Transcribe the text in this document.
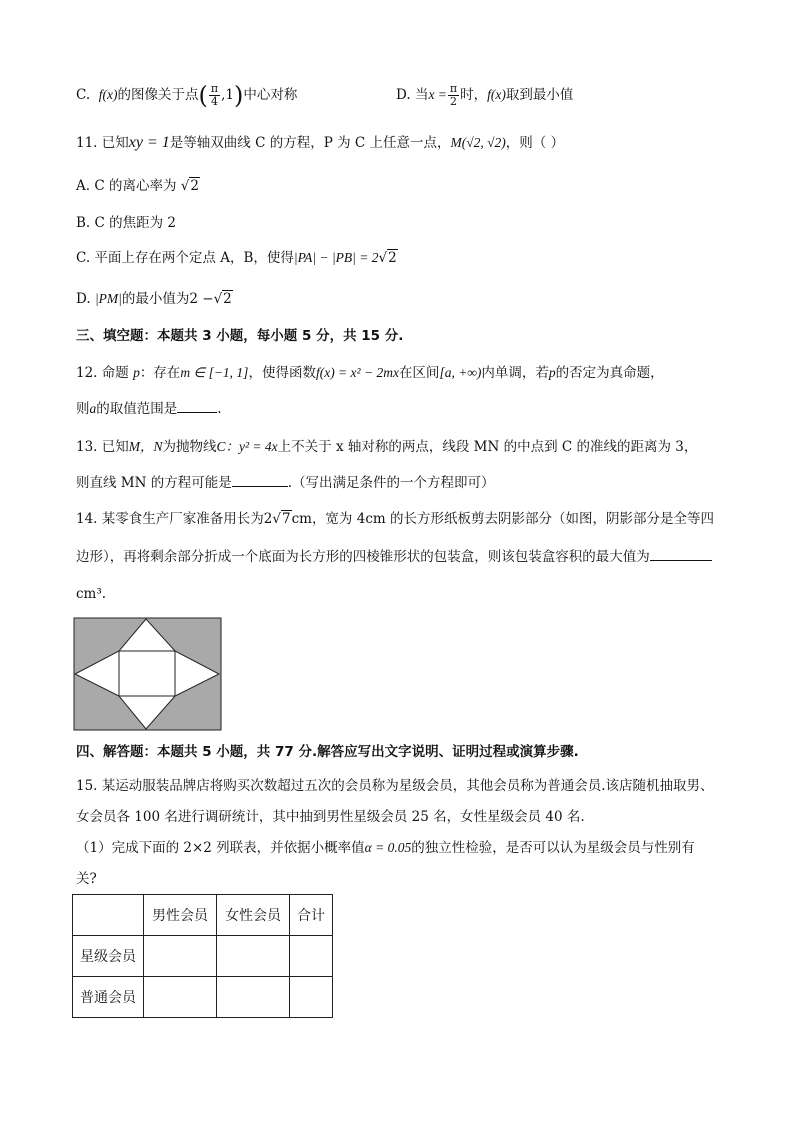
C. f(x)的图像关于点( $\frac{\pi}{4} ,1$)中心对称	D. 当$x = \frac{\pi}{2}$ 时，f(x)取到最小值
11. 已知xy = 1是等轴双曲线 C 的方程，P 为 C 上任意一点，M(√2, √2)，则（ ）
A. C 的离心率为 √2
B. C 的焦距为 2
C. 平面上存在两个定点 A，B，使得|PA| − |PB| = 2√2
D. |PM|的最小值为2 −√2
三、填空题：本题共 3 小题，每小题 5 分，共 15 分.
12. 命题 p：存在m ∈ [−1, 1]，使得函数f(x) = x² − 2mx在区间[a, +∞)内单调，若p的否定为真命题，
则a的取值范围是	.
13. 已知M，N为抛物线C：y² = 4x上不关于 x 轴对称的两点，线段 MN 的中点到 C 的准线的距离为 3，
则直线 MN 的方程可能是	.（写出满足条件的一个方程即可）
14. 某零食生产厂家准备用长为2√7cm，宽为 4cm 的长方形纸板剪去阴影部分（如图，阴影部分是全等四
边形），再将剩余部分折成一个底面为长方形的四棱锥形状的包装盒，则该包装盒容积的最大值为
cm³.
四、解答题：本题共 5 小题，共 77 分.解答应写出文字说明、证明过程或演算步骤.
15. 某运动服装品牌店将购买次数超过五次的会员称为星级会员，其他会员称为普通会员.该店随机抽取男、
女会员各 100 名进行调研统计，其中抽到男性星级会员 25 名，女性星级会员 40 名.
（1）完成下面的 2×2 列联表，并依据小概率值α = 0.05的独立性检验，是否可以认为星级会员与性别有
关?
	男性会员	女性会员	合计
星级会员			
普通会员			
